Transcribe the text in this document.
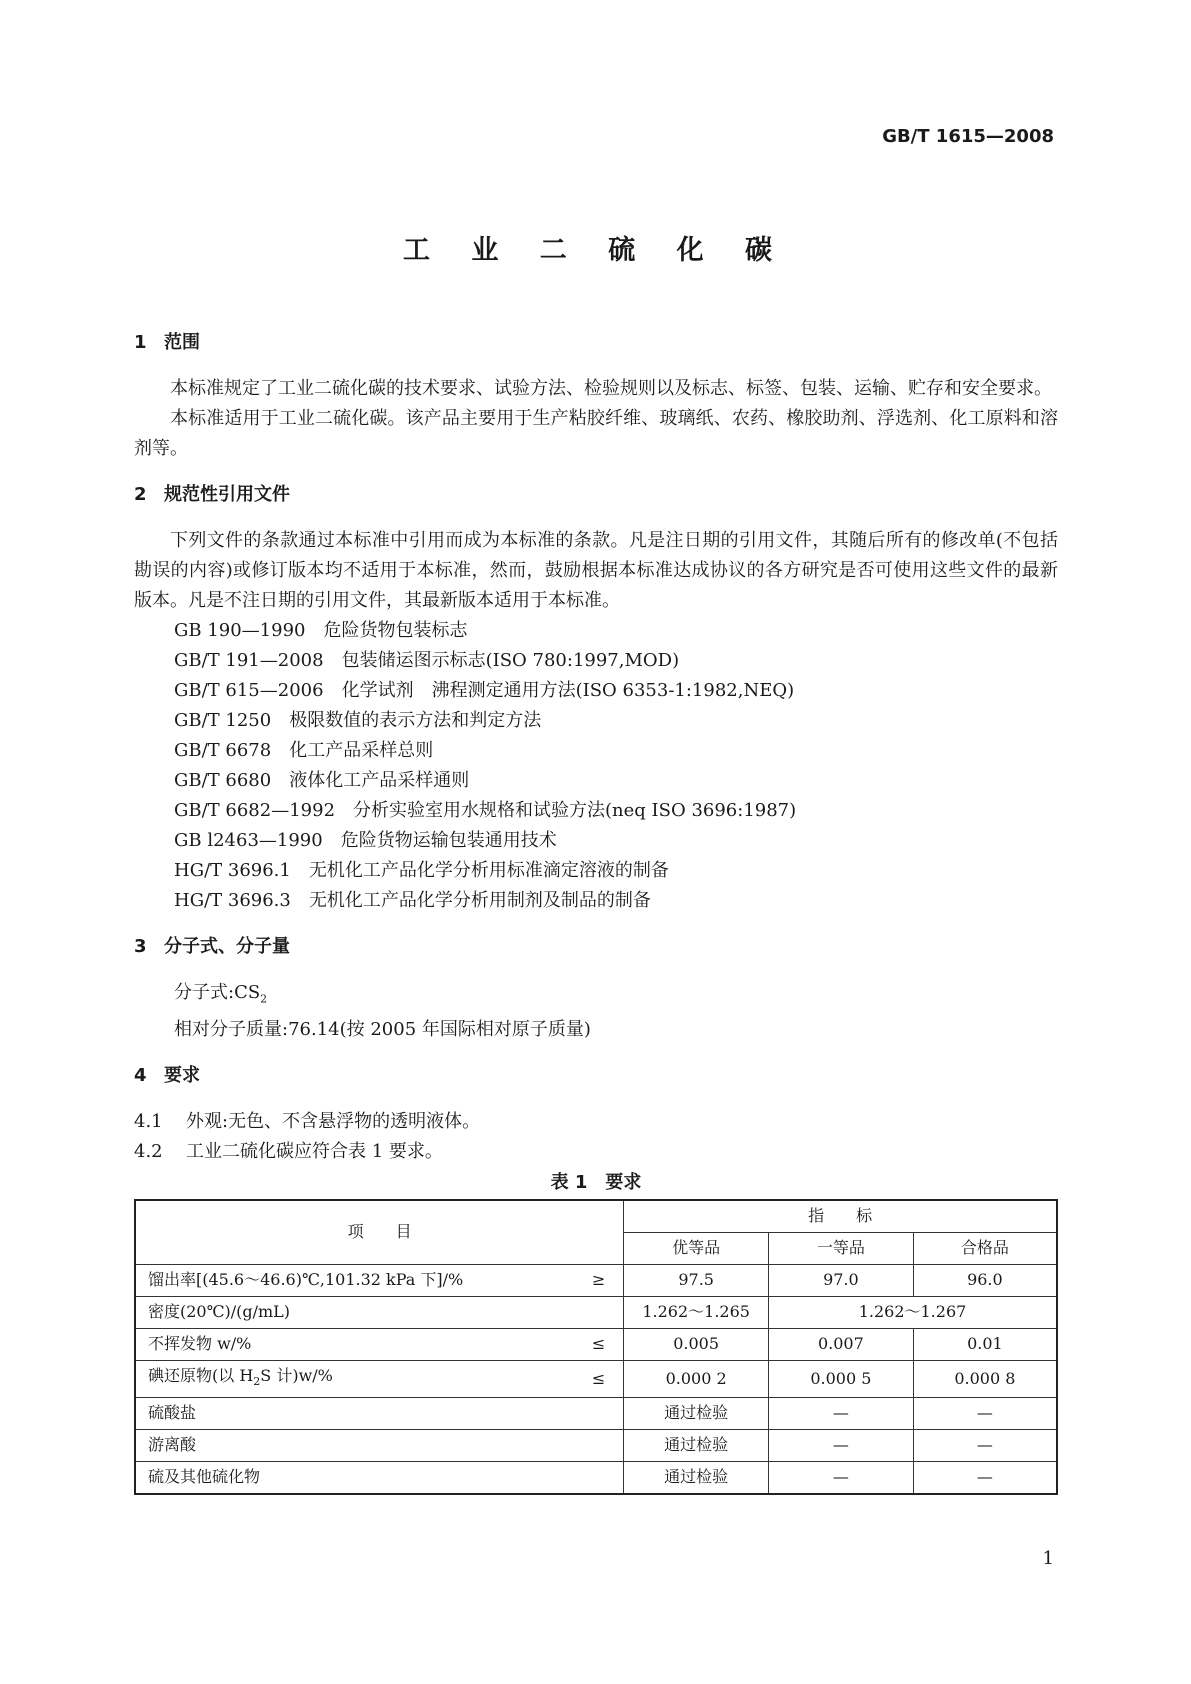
GB/T 1615—2008
工 业 二 硫 化 碳

1 范围

本标准规定了工业二硫化碳的技术要求、试验方法、检验规则以及标志、标签、包装、运输、贮存和安全要求。

本标准适用于工业二硫化碳。该产品主要用于生产粘胶纤维、玻璃纸、农药、橡胶助剂、浮选剂、化工原料和溶剂等。

2 规范性引用文件

下列文件的条款通过本标准中引用而成为本标准的条款。凡是注日期的引用文件，其随后所有的修改单(不包括勘误的内容)或修订版本均不适用于本标准，然而，鼓励根据本标准达成协议的各方研究是否可使用这些文件的最新版本。凡是不注日期的引用文件，其最新版本适用于本标准。

GB 190—1990 危险货物包装标志

GB/T 191—2008 包装储运图示标志(ISO 780:1997,MOD)

GB/T 615—2006 化学试剂　沸程测定通用方法(ISO 6353-1:1982,NEQ)

GB/T 1250 极限数值的表示方法和判定方法

GB/T 6678 化工产品采样总则

GB/T 6680 液体化工产品采样通则

GB/T 6682—1992 分析实验室用水规格和试验方法(neq ISO 3696:1987)

GB l2463—1990 危险货物运输包装通用技术

HG/T 3696.1 无机化工产品化学分析用标准滴定溶液的制备

HG/T 3696.3 无机化工产品化学分析用制剂及制品的制备

3 分子式、分子量

分子式$:CS_2$

相对分子质量:76.14(按 2005 年国际相对原子质量)

4 要求

4.1 外观:无色、不含悬浮物的透明液体。

4.2 工业二硫化碳应符合表 1 要求。

表 1　要求

项　　目	指　　标		
	优等品	一等品	合格品
馏出率[(45.6～46.6)℃,101.32 kPa 下]/% ≥	97.5	97.0	96.0
密度(20℃)/(g/mL)	1.262～1.265	1.262～1.267	
不挥发物 w/% ≤	0.005	0.007	0.01
碘还原物(以 $H_2S$ 计)w/% ≤	0.000 2	0.000 5	0.000 8
硫酸盐	通过检验	—	—
游离酸	通过检验	—	—
硫及其他硫化物	通过检验	—	—
1
